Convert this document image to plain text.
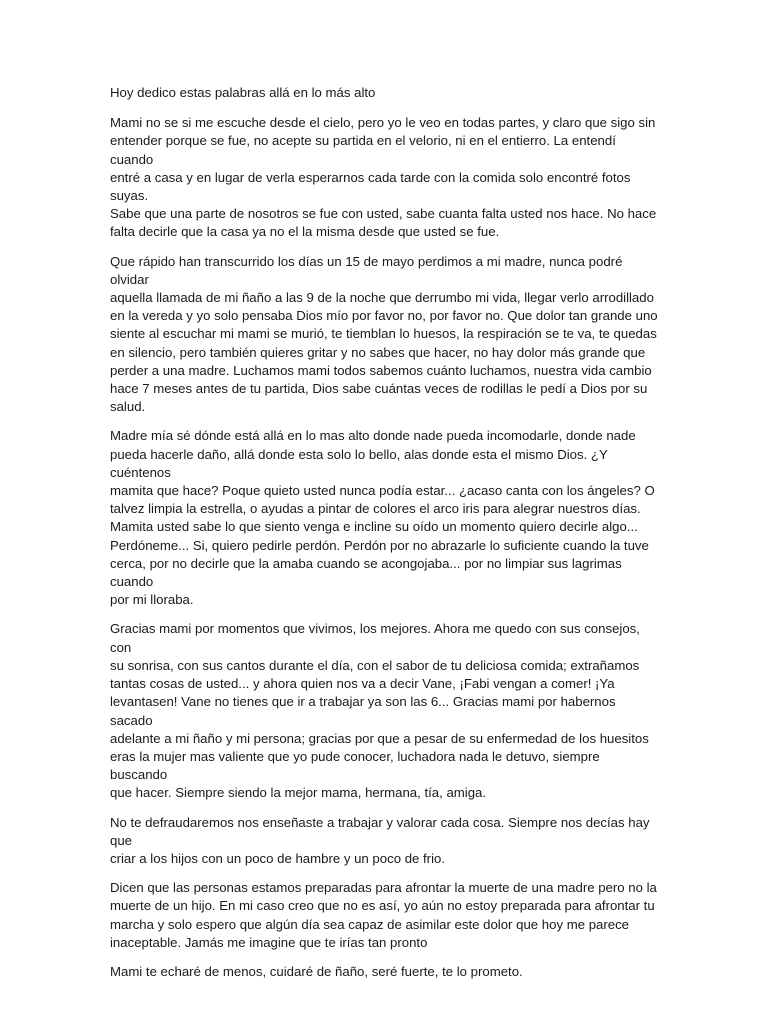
Hoy dedico estas palabras allá en lo más alto

Mami no se si me escuche desde el cielo, pero yo le veo en todas partes, y claro que sigo sin
entender porque se fue, no acepte su partida en el velorio, ni en el entierro. La entendí cuando
entré a casa y en lugar de verla esperarnos cada tarde con la comida solo encontré fotos suyas.
Sabe que una parte de nosotros se fue con usted, sabe cuanta falta usted nos hace. No hace
falta decirle que la casa ya no el la misma desde que usted se fue.

Que rápido han transcurrido los días un 15 de mayo perdimos a mi madre, nunca podré olvidar
aquella llamada de mi ñaño a las 9 de la noche que derrumbo mi vida, llegar verlo arrodillado
en la vereda y yo solo pensaba Dios mío por favor no, por favor no. Que dolor tan grande uno
siente al escuchar mi mami se murió, te tiemblan lo huesos, la respiración se te va, te quedas
en silencio, pero también quieres gritar y no sabes que hacer, no hay dolor más grande que
perder a una madre. Luchamos mami todos sabemos cuánto luchamos, nuestra vida cambio
hace 7 meses antes de tu partida, Dios sabe cuántas veces de rodillas le pedí a Dios por su
salud.

Madre mía sé dónde está allá en lo mas alto donde nade pueda incomodarle, donde nade
pueda hacerle daño, allá donde esta solo lo bello, alas donde esta el mismo Dios. ¿Y cuéntenos
mamita que hace? Poque quieto usted nunca podía estar... ¿acaso canta con los ángeles? O
talvez limpia la estrella, o ayudas a pintar de colores el arco iris para alegrar nuestros días.
Mamita usted sabe lo que siento venga e incline su oído un momento quiero decirle algo...
Perdóneme... Si, quiero pedirle perdón. Perdón por no abrazarle lo suficiente cuando la tuve
cerca, por no decirle que la amaba cuando se acongojaba... por no limpiar sus lagrimas cuando
por mi lloraba.

Gracias mami por momentos que vivimos, los mejores. Ahora me quedo con sus consejos, con
su sonrisa, con sus cantos durante el día, con el sabor de tu deliciosa comida; extrañamos
tantas cosas de usted... y ahora quien nos va a decir Vane, ¡Fabi vengan a comer! ¡Ya
levantasen! Vane no tienes que ir a trabajar ya son las 6... Gracias mami por habernos sacado
adelante a mi ñaño y mi persona; gracias por que a pesar de su enfermedad de los huesitos
eras la mujer mas valiente que yo pude conocer, luchadora nada le detuvo, siempre buscando
que hacer. Siempre siendo la mejor mama, hermana, tía, amiga.

No te defraudaremos nos enseñaste a trabajar y valorar cada cosa. Siempre nos decías hay que
criar a los hijos con un poco de hambre y un poco de frio.

Dicen que las personas estamos preparadas para afrontar la muerte de una madre pero no la
muerte de un hijo. En mi caso creo que no es así, yo aún no estoy preparada para afrontar tu
marcha y solo espero que algún día sea capaz de asimilar este dolor que hoy me parece
inaceptable. Jamás me imagine que te irías tan pronto

Mami te echaré de menos, cuidaré de ñaño, seré fuerte, te lo prometo.
